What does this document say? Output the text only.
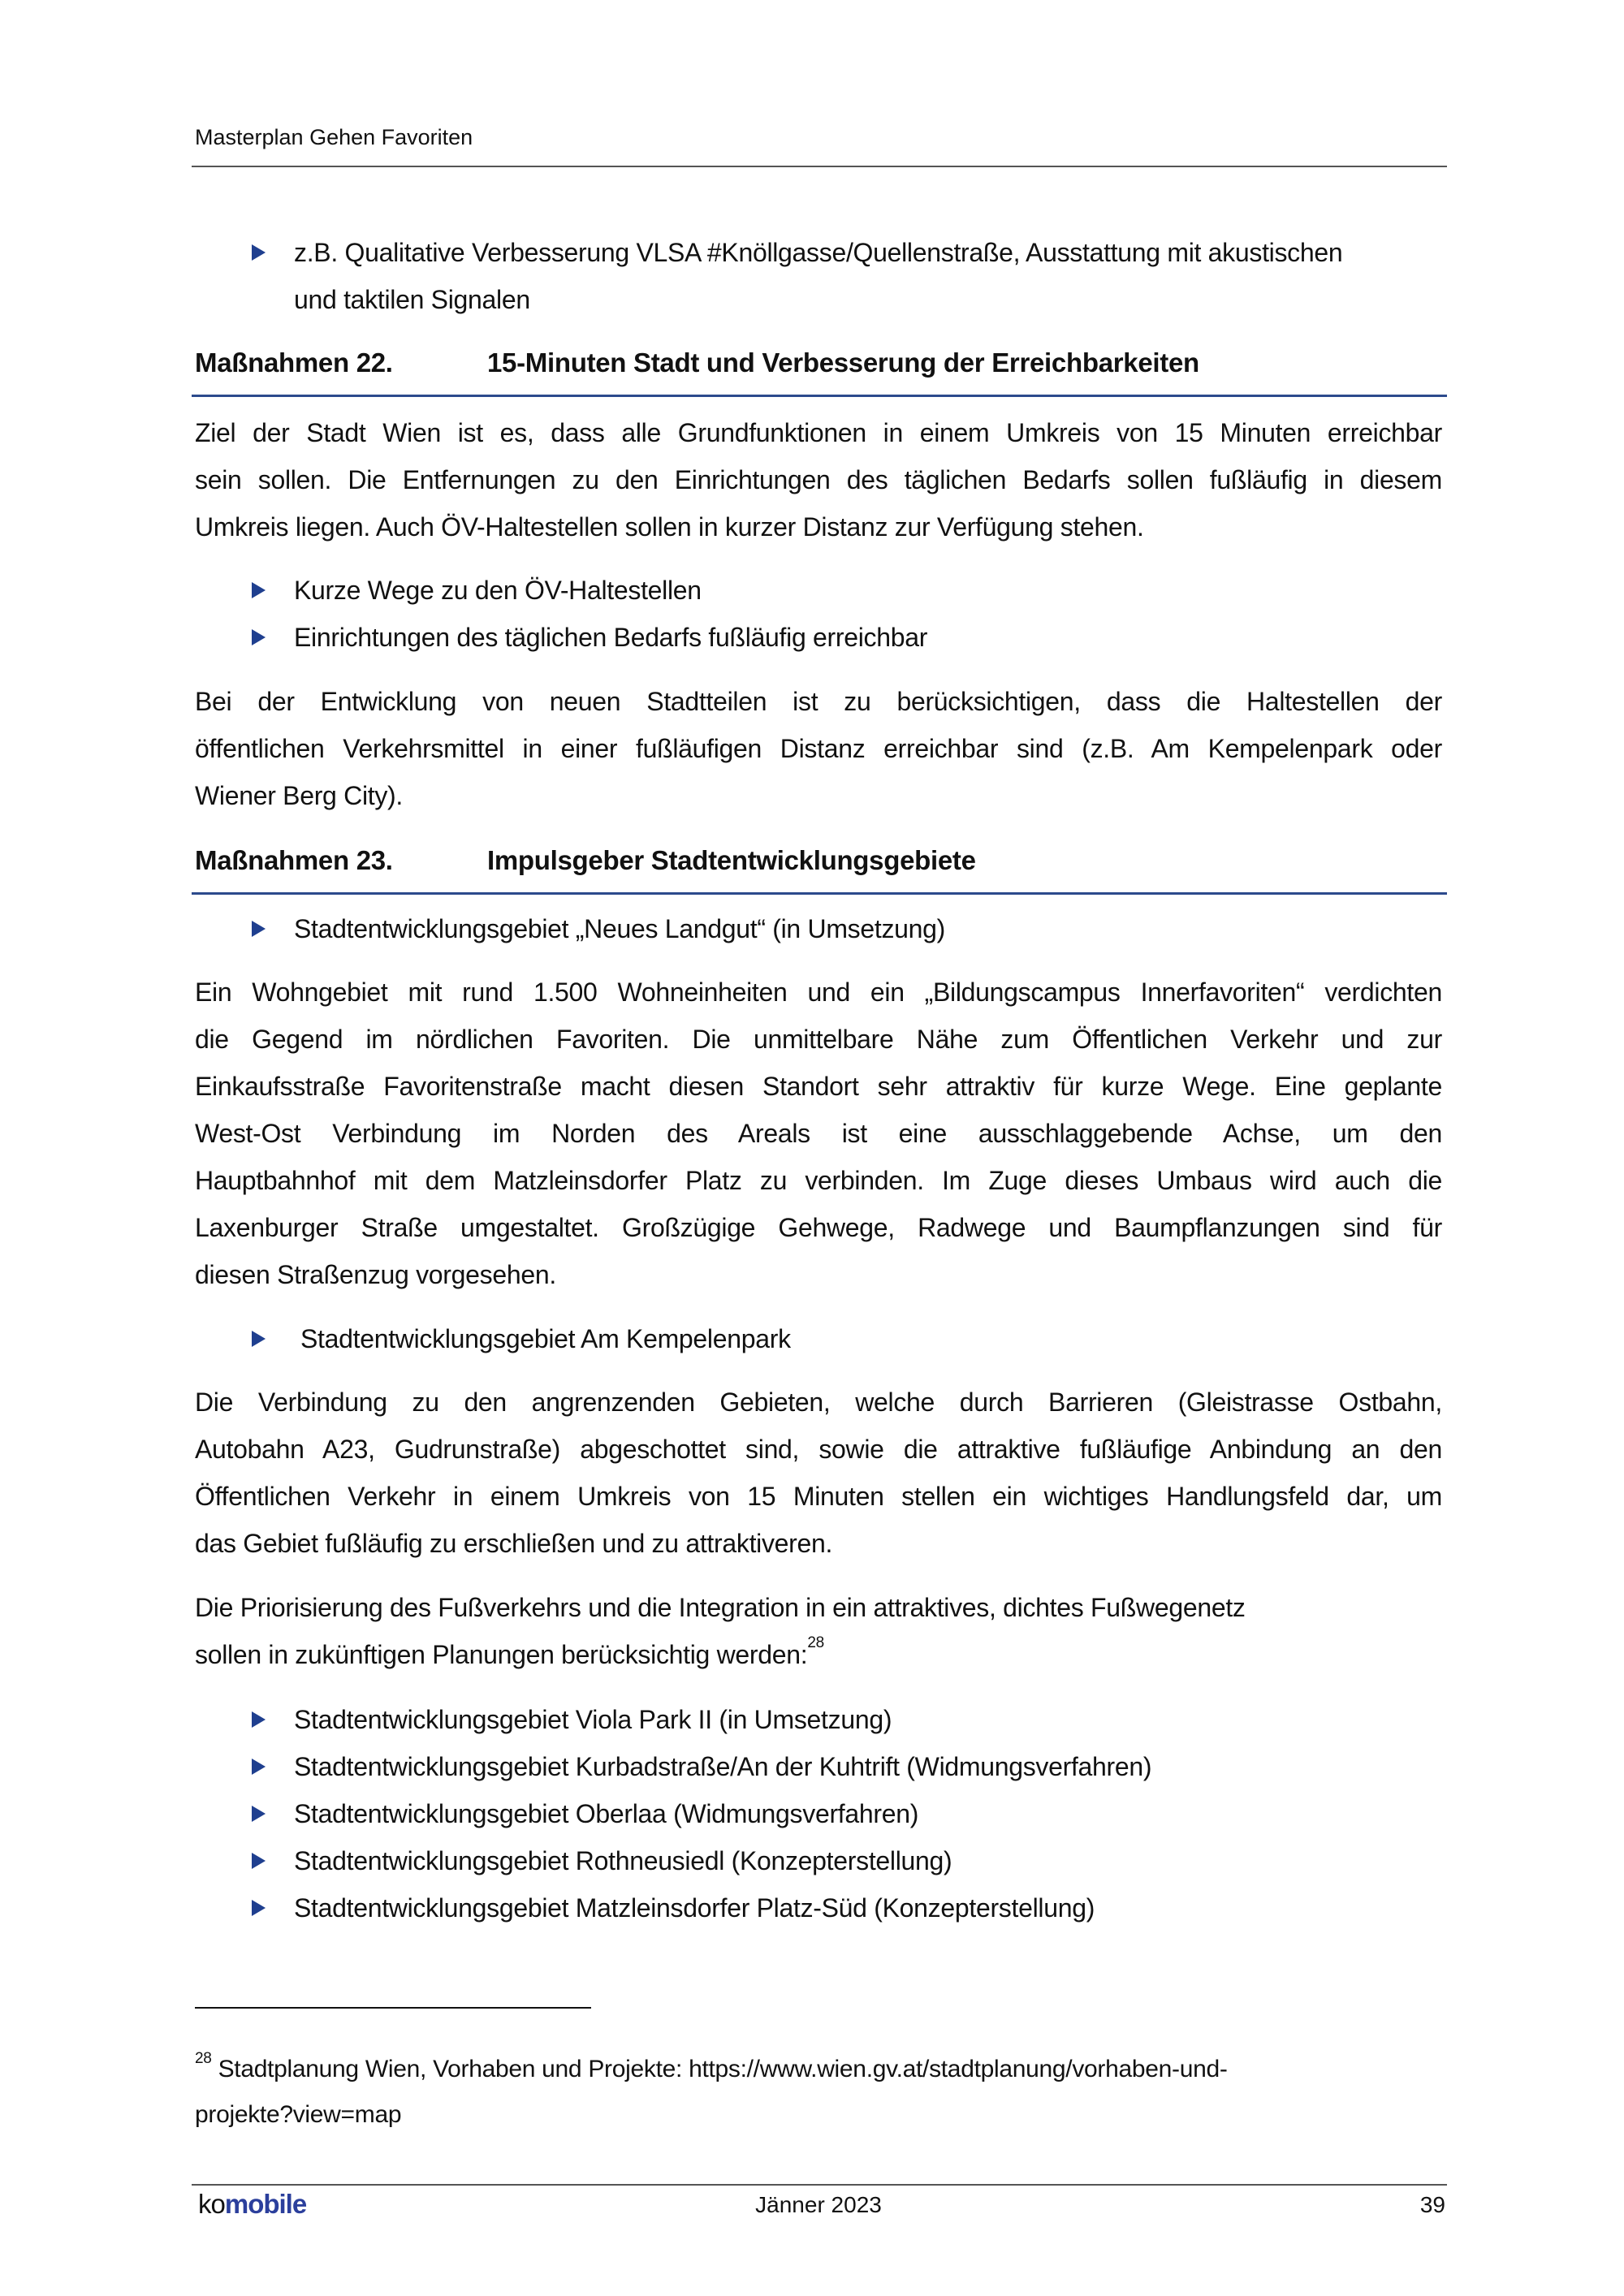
Masterplan Gehen Favoriten
z.B. Qualitative Verbesserung VLSA #Knöllgasse/Quellenstraße, Ausstattung mit akustischen
und taktilen Signalen
Maßnahmen 22.	15-Minuten Stadt und Verbesserung der Erreichbarkeiten
Ziel der Stadt Wien ist es, dass alle Grundfunktionen in einem Umkreis von 15 Minuten erreichbar
sein sollen. Die Entfernungen zu den Einrichtungen des täglichen Bedarfs sollen fußläufig in diesem
Umkreis liegen. Auch ÖV-Haltestellen sollen in kurzer Distanz zur Verfügung stehen.
Kurze Wege zu den ÖV-Haltestellen
Einrichtungen des täglichen Bedarfs fußläufig erreichbar
Bei der Entwicklung von neuen Stadtteilen ist zu berücksichtigen, dass die Haltestellen der
öffentlichen Verkehrsmittel in einer fußläufigen Distanz erreichbar sind (z.B. Am Kempelenpark oder
Wiener Berg City).
Maßnahmen 23.	Impulsgeber Stadtentwicklungsgebiete
Stadtentwicklungsgebiet „Neues Landgut“ (in Umsetzung)
Ein Wohngebiet mit rund 1.500 Wohneinheiten und ein „Bildungscampus Innerfavoriten“ verdichten
die Gegend im nördlichen Favoriten. Die unmittelbare Nähe zum Öffentlichen Verkehr und zur
Einkaufsstraße Favoritenstraße macht diesen Standort sehr attraktiv für kurze Wege. Eine geplante
West-Ost Verbindung im Norden des Areals ist eine ausschlaggebende Achse, um den
Hauptbahnhof mit dem Matzleinsdorfer Platz zu verbinden. Im Zuge dieses Umbaus wird auch die
Laxenburger Straße umgestaltet. Großzügige Gehwege, Radwege und Baumpflanzungen sind für
diesen Straßenzug vorgesehen.
Stadtentwicklungsgebiet Am Kempelenpark
Die Verbindung zu den angrenzenden Gebieten, welche durch Barrieren (Gleistrasse Ostbahn,
Autobahn A23, Gudrunstraße) abgeschottet sind, sowie die attraktive fußläufige Anbindung an den
Öffentlichen Verkehr in einem Umkreis von 15 Minuten stellen ein wichtiges Handlungsfeld dar, um
das Gebiet fußläufig zu erschließen und zu attraktiveren.
Die Priorisierung des Fußverkehrs und die Integration in ein attraktives, dichtes Fußwegenetz
sollen in zukünftigen Planungen berücksichtig werden:$^{28}$
Stadtentwicklungsgebiet Viola Park II (in Umsetzung)
Stadtentwicklungsgebiet Kurbadstraße/An der Kuhtrift (Widmungsverfahren)
Stadtentwicklungsgebiet Oberlaa (Widmungsverfahren)
Stadtentwicklungsgebiet Rothneusiedl (Konzepterstellung)
Stadtentwicklungsgebiet Matzleinsdorfer Platz-Süd (Konzepterstellung)
$^{28}$ Stadtplanung Wien, Vorhaben und Projekte: https://www.wien.gv.at/stadtplanung/vorhaben-und-
projekte?view=map
komobile	Jänner 2023	39
